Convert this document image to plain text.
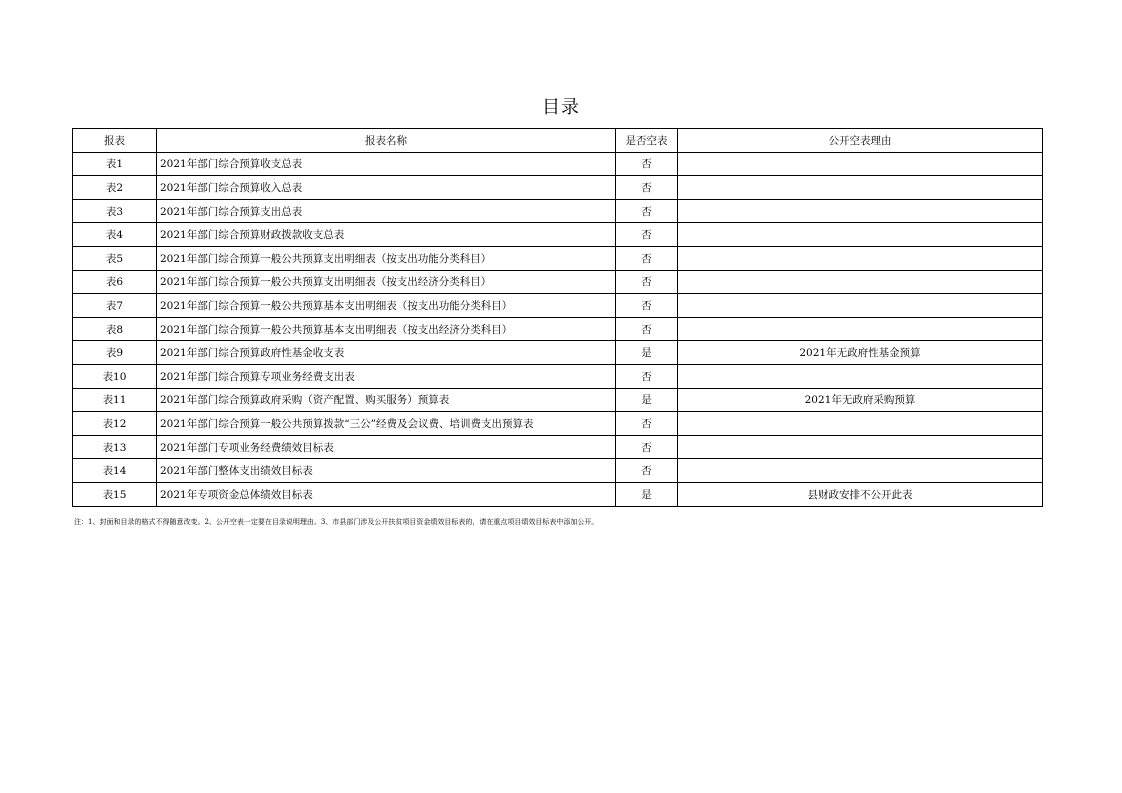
目录
报表	报表名称	是否空表	公开空表理由
表1	2021年部门综合预算收支总表	否	
表2	2021年部门综合预算收入总表	否	
表3	2021年部门综合预算支出总表	否	
表4	2021年部门综合预算财政拨款收支总表	否	
表5	2021年部门综合预算一般公共预算支出明细表（按支出功能分类科目）	否	
表6	2021年部门综合预算一般公共预算支出明细表（按支出经济分类科目）	否	
表7	2021年部门综合预算一般公共预算基本支出明细表（按支出功能分类科目）	否	
表8	2021年部门综合预算一般公共预算基本支出明细表（按支出经济分类科目）	否	
表9	2021年部门综合预算政府性基金收支表	是	2021年无政府性基金预算
表10	2021年部门综合预算专项业务经费支出表	否	
表11	2021年部门综合预算政府采购（资产配置、购买服务）预算表	是	2021年无政府采购预算
表12	2021年部门综合预算一般公共预算拨款“三公”经费及会议费、培训费支出预算表	否	
表13	2021年部门专项业务经费绩效目标表	否	
表14	2021年部门整体支出绩效目标表	否	
表15	2021年专项资金总体绩效目标表	是	县财政安排不公开此表
注：1、封面和目录的格式不得随意改变。2、公开空表一定要在目录说明理由。3、市县部门涉及公开扶贫项目资金绩效目标表的，请在重点项目绩效目标表中添加公开。
